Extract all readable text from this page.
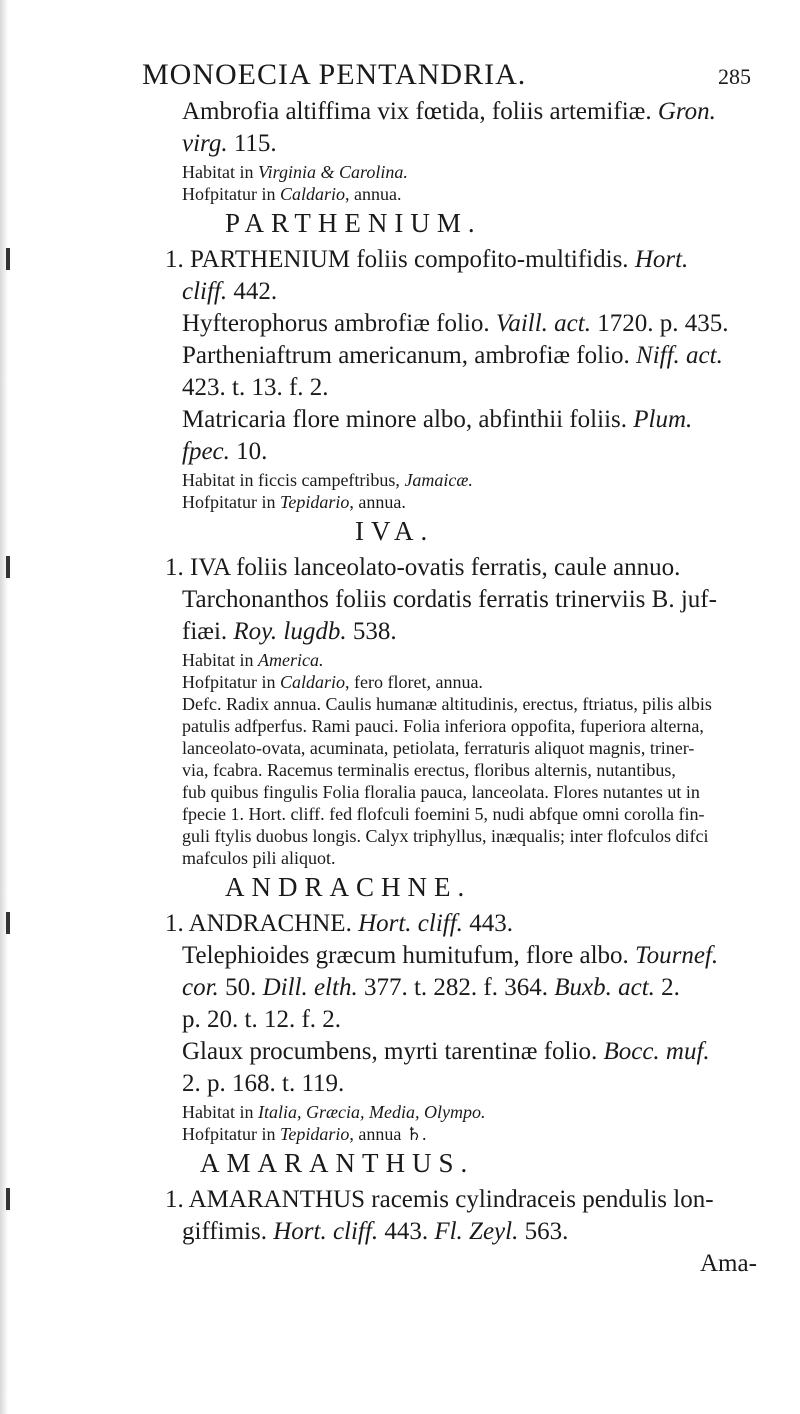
MONOECIA PENTANDRIA.	285
Ambrofia altiffima vix fœtida, foliis artemifiæ. Gron.
virg. 115.
Habitat in Virginia & Carolina.
Hofpitatur in Caldario, annua.
PARTHENIUM.
1. PARTHENIUM foliis compofito-multifidis. Hort.
cliff. 442.
Hyfterophorus ambrofiæ folio. Vaill. act. 1720. p. 435.
Partheniaftrum americanum, ambrofiæ folio. Niff. act.
423. t. 13. f. 2.
Matricaria flore minore albo, abfinthii foliis. Plum.
fpec. 10.
Habitat in ficcis campeftribus, Jamaicæ.
Hofpitatur in Tepidario, annua.
IVA.
1. IVA foliis lanceolato-ovatis ferratis, caule annuo.
Tarchonanthos foliis cordatis ferratis trinerviis B. juf-
fiæi. Roy. lugdb. 538.
Habitat in America.
Hofpitatur in Caldario, fero floret, annua.
Defc. Radix annua. Caulis humanæ altitudinis, erectus, ftriatus, pilis albis
patulis adfperfus. Rami pauci. Folia inferiora oppofita, fuperiora alterna,
lanceolato-ovata, acuminata, petiolata, ferraturis aliquot magnis, triner-
via, fcabra. Racemus terminalis erectus, floribus alternis, nutantibus,
fub quibus fingulis Folia floralia pauca, lanceolata. Flores nutantes ut in
fpecie 1. Hort. cliff. fed flofculi foemini 5, nudi abfque omni corolla fin-
guli ftylis duobus longis. Calyx triphyllus, inæqualis; inter flofculos difci
mafculos pili aliquot.
ANDRACHNE.
1. ANDRACHNE. Hort. cliff. 443.
Telephioides græcum humitufum, flore albo. Tournef.
cor. 50. Dill. elth. 377. t. 282. f. 364. Buxb. act. 2.
p. 20. t. 12. f. 2.
Glaux procumbens, myrti tarentinæ folio. Bocc. muf.
2. p. 168. t. 119.
Habitat in Italia, Græcia, Media, Olympo.
Hofpitatur in Tepidario, annua ♄.
AMARANTHUS.
1. AMARANTHUS racemis cylindraceis pendulis lon-
giffimis. Hort. cliff. 443. Fl. Zeyl. 563.
Ama-
